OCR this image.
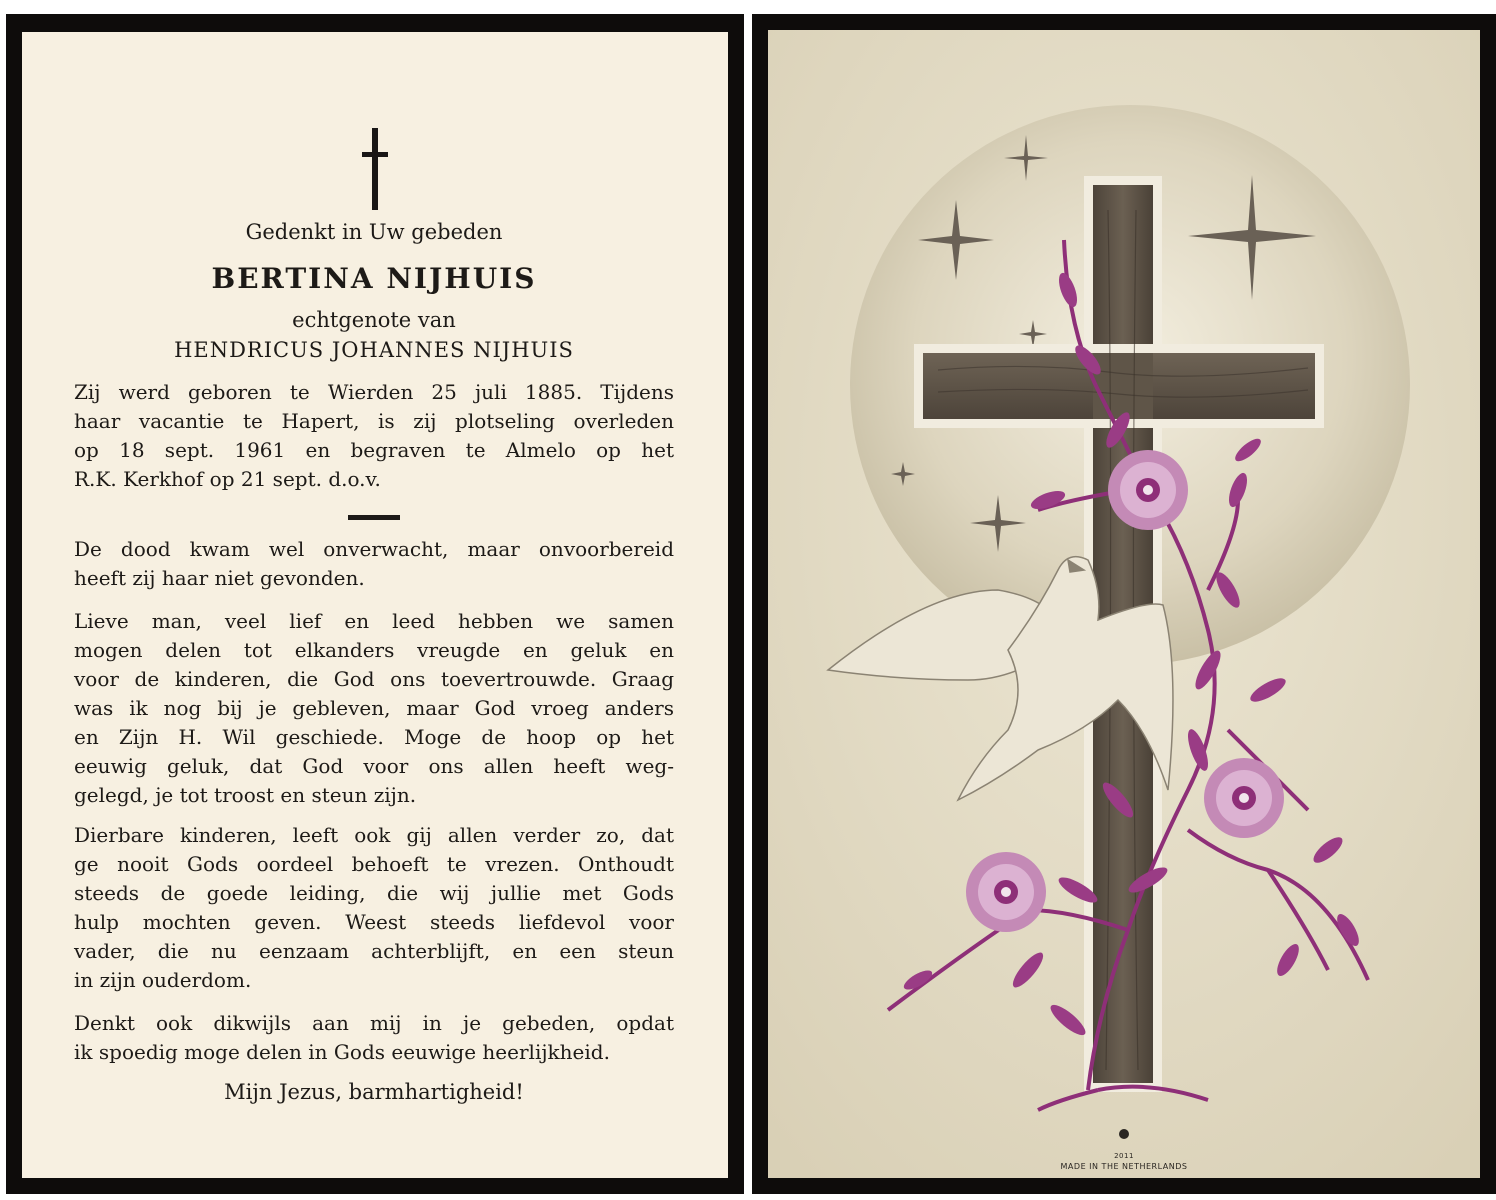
Gedenkt in Uw gebeden
BERTINA NIJHUIS
echtgenote van
HENDRICUS JOHANNES NIJHUIS
Zij werd geboren te Wierden 25 juli 1885. Tijdens
haar vacantie te Hapert, is zij plotseling overleden
op 18 sept. 1961 en begraven te Almelo op het

R.K. Kerkhof op 21 sept. d.o.v.
De dood kwam wel onverwacht, maar onvoorbereid

heeft zij haar niet gevonden.
Lieve man, veel lief en leed hebben we samen
mogen delen tot elkanders vreugde en geluk en
voor de kinderen, die God ons toevertrouwde. Graag
was ik nog bij je gebleven, maar God vroeg anders
en Zijn H. Wil geschiede. Moge de hoop op het
eeuwig geluk, dat God voor ons allen heeft weg-

gelegd, je tot troost en steun zijn.
Dierbare kinderen, leeft ook gij allen verder zo, dat
ge nooit Gods oordeel behoeft te vrezen. Onthoudt
steeds de goede leiding, die wij jullie met Gods
hulp mochten geven. Weest steeds liefdevol voor
vader, die nu eenzaam achterblijft, en een steun

in zijn ouderdom.
Denkt ook dikwijls aan mij in je gebeden, opdat

ik spoedig moge delen in Gods eeuwige heerlijkheid.
Mijn Jezus, barmhartigheid!
2011
MADE IN THE NETHERLANDS
